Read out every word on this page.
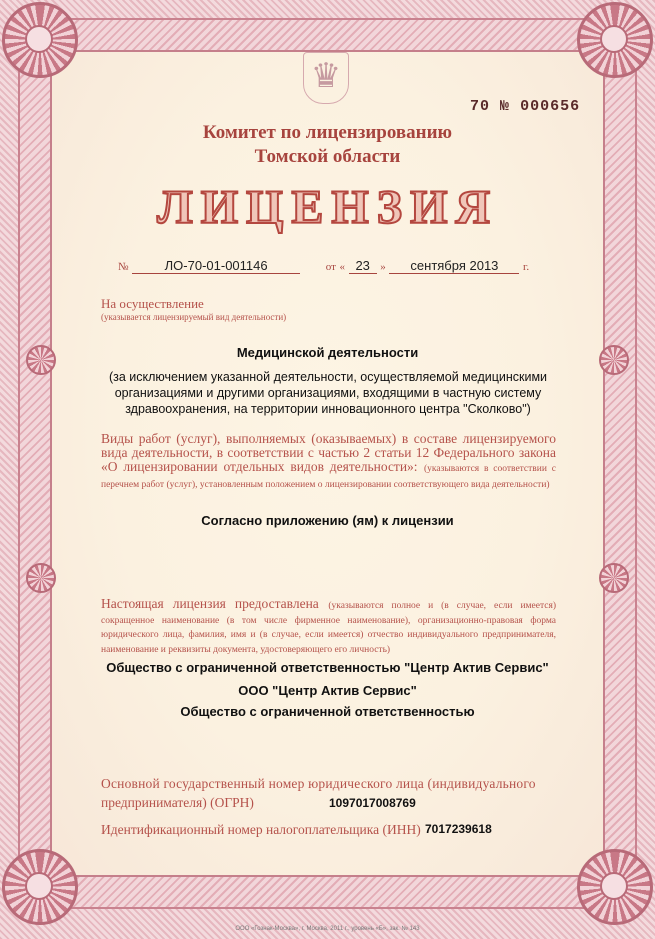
♛
70 № 000656
Комитет по лицензированию
Томской области
ЛИЦЕНЗИЯ
№	ЛО-70-01-001146	от « 23 » сентября 2013 г.
На осуществление
(указывается лицензируемый вид деятельности)
Медицинской деятельности
(за исключением указанной деятельности, осуществляемой медицинскими организациями и другими организациями, входящими в частную систему здравоохранения, на территории инновационного центра "Сколково")
Виды работ (услуг), выполняемых (оказываемых) в составе лицензируемого вида деятельности, в соответствии с частью 2 статьи 12 Федерального закона «О лицензировании отдельных видов деятельности»: (указываются в соответствии с перечнем работ (услуг), установленным положением о лицензировании соответствующего вида деятельности)
Согласно приложению (ям) к лицензии
Настоящая лицензия предоставлена (указываются полное и (в случае, если имеется) сокращенное наименование (в том числе фирменное наименование), организационно-правовая форма юридического лица, фамилия, имя и (в случае, если имеется) отчество индивидуального предпринимателя, наименование и реквизиты документа, удостоверяющего его личность)
Общество с ограниченной ответственностью "Центр Актив Сервис"
ООО "Центр Актив Сервис"
Общество с ограниченной ответственностью
Основной государственный номер юридического лица (индивидуального
предпринимателя) (ОГРН)	1097017008769
Идентификационный номер налогоплательщика (ИНН) 7017239618
ООО «Гознак-Москва», г. Москва, 2011 г., уровень «Б», зак. № 143
